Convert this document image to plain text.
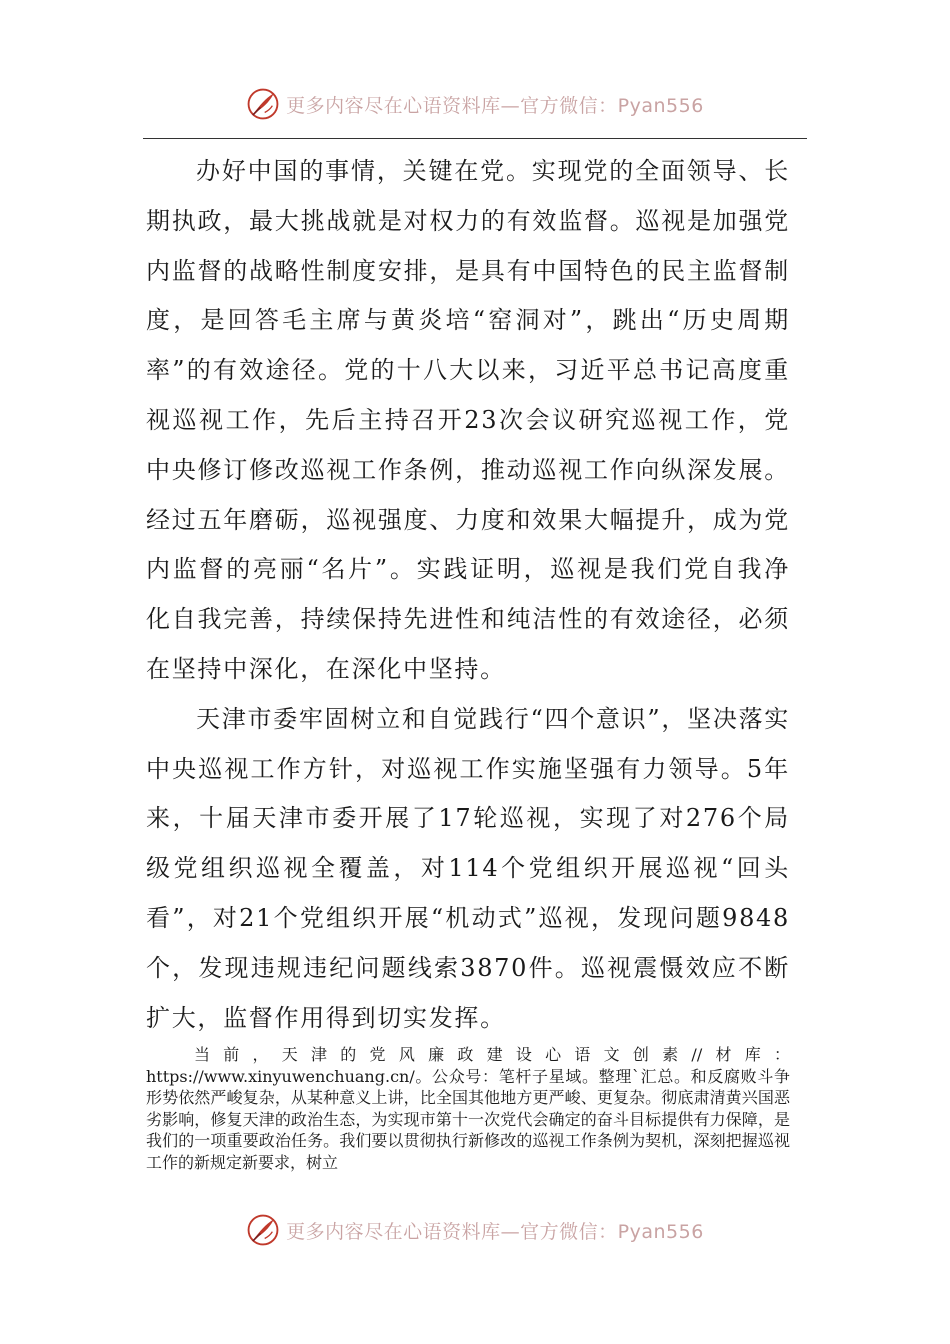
更多内容尽在心语资料库—官方微信：Pyan556

办好中国的事情，关键在党。实现党的全面领导、长期执政，最大挑战就是对权力的有效监督。巡视是加强党内监督的战略性制度安排，是具有中国特色的民主监督制度，是回答毛主席与黄炎培“窑洞对”，跳出“历史周期率”的有效途径。党的十八大以来，习近平总书记高度重视巡视工作，先后主持召开23次会议研究巡视工作，党中央修订修改巡视工作条例，推动巡视工作向纵深发展。经过五年磨砺，巡视强度、力度和效果大幅提升，成为党内监督的亮丽“名片”。实践证明，巡视是我们党自我净化自我完善，持续保持先进性和纯洁性的有效途径，必须在坚持中深化，在深化中坚持。

天津市委牢固树立和自觉践行“四个意识”，坚决落实中央巡视工作方针，对巡视工作实施坚强有力领导。5年来，十届天津市委开展了17轮巡视，实现了对276个局级党组织巡视全覆盖，对114个党组织开展巡视“回头看”，对21个党组织开展“机动式”巡视，发现问题9848个，发现违规违纪问题线索3870件。巡视震慑效应不断扩大，监督作用得到切实发挥。

当前，天津的党风廉政建设心语文创素//材库：https://www.xinyuwenchuang.cn/。公众号：笔杆子星域。整理`汇总。和反腐败斗争形势依然严峻复杂，从某种意义上讲，比全国其他地方更严峻、更复杂。彻底肃清黄兴国恶劣影响，修复天津的政治生态，为实现市第十一次党代会确定的奋斗目标提供有力保障，是我们的一项重要政治任务。我们要以贯彻执行新修改的巡视工作条例为契机，深刻把握巡视工作的新规定新要求，树立

更多内容尽在心语资料库—官方微信：Pyan556
